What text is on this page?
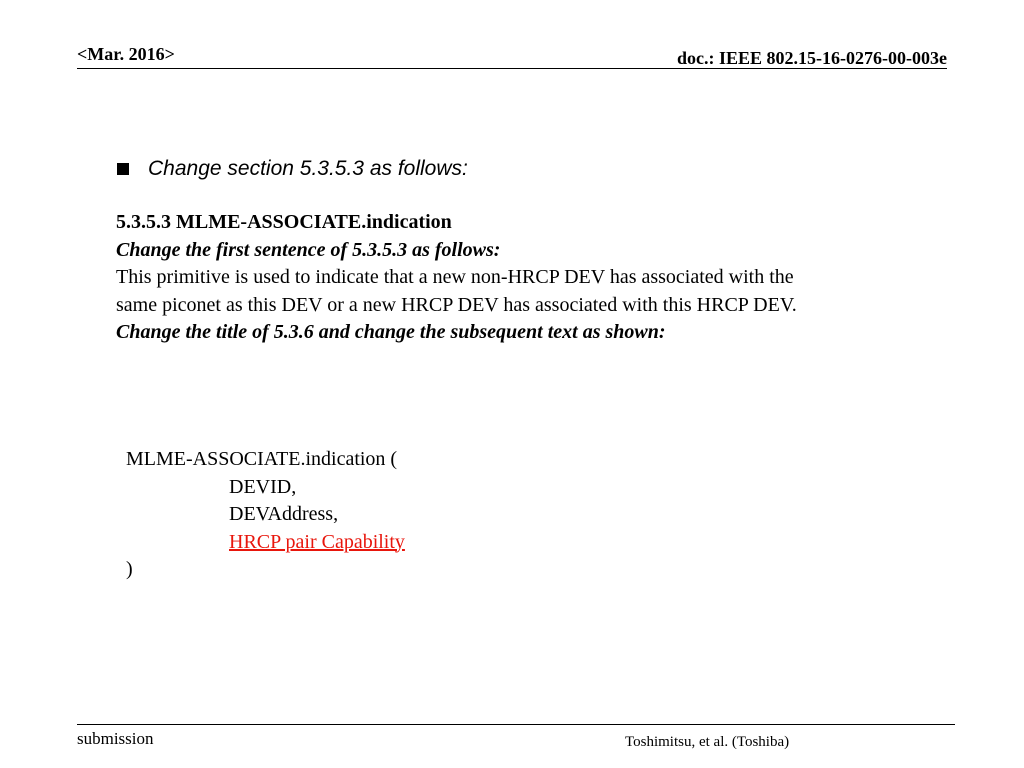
<Mar. 2016>	doc.: IEEE 802.15-16-0276-00-003e
Change section 5.3.5.3 as follows:

5.3.5.3 MLME-ASSOCIATE.indication

Change the first sentence of 5.3.5.3 as follows:

This primitive is used to indicate that a new non-HRCP DEV has associated with the same piconet as this DEV or a new HRCP DEV has associated with this HRCP DEV.

Change the title of 5.3.6 and change the subsequent text as shown:

MLME-ASSOCIATE.indication (
DEVID,
DEVAddress,
HRCP pair Capability
)
submission	Toshimitsu, et al. (Toshiba)
